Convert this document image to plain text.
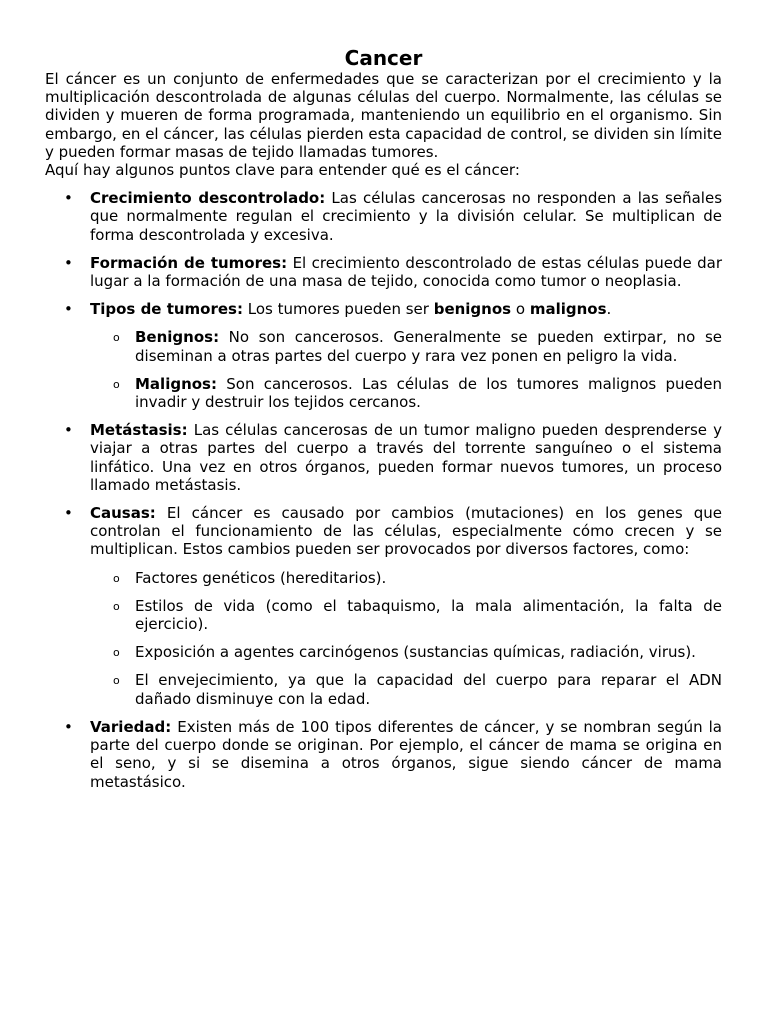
Cancer

El cáncer es un conjunto de enfermedades que se caracterizan por el crecimiento y la multiplicación descontrolada de algunas células del cuerpo. Normalmente, las células se dividen y mueren de forma programada, manteniendo un equilibrio en el organismo. Sin embargo, en el cáncer, las células pierden esta capacidad de control, se dividen sin límite y pueden formar masas de tejido llamadas tumores.

Aquí hay algunos puntos clave para entender qué es el cáncer:

• Crecimiento descontrolado: Las células cancerosas no responden a las señales que normalmente regulan el crecimiento y la división celular. Se multiplican de forma descontrolada y excesiva.
• Formación de tumores: El crecimiento descontrolado de estas células puede dar lugar a la formación de una masa de tejido, conocida como tumor o neoplasia.
• Tipos de tumores: Los tumores pueden ser benignos o malignos.
o Benignos: No son cancerosos. Generalmente se pueden extirpar, no se diseminan a otras partes del cuerpo y rara vez ponen en peligro la vida.
o Malignos: Son cancerosos. Las células de los tumores malignos pueden invadir y destruir los tejidos cercanos.
• Metástasis: Las células cancerosas de un tumor maligno pueden desprenderse y viajar a otras partes del cuerpo a través del torrente sanguíneo o el sistema linfático. Una vez en otros órganos, pueden formar nuevos tumores, un proceso llamado metástasis.
• Causas: El cáncer es causado por cambios (mutaciones) en los genes que controlan el funcionamiento de las células, especialmente cómo crecen y se multiplican. Estos cambios pueden ser provocados por diversos factores, como:
o Factores genéticos (hereditarios).
o Estilos de vida (como el tabaquismo, la mala alimentación, la falta de ejercicio).
o Exposición a agentes carcinógenos (sustancias químicas, radiación, virus).
o El envejecimiento, ya que la capacidad del cuerpo para reparar el ADN dañado disminuye con la edad.
• Variedad: Existen más de 100 tipos diferentes de cáncer, y se nombran según la parte del cuerpo donde se originan. Por ejemplo, el cáncer de mama se origina en el seno, y si se disemina a otros órganos, sigue siendo cáncer de mama metastásico.
